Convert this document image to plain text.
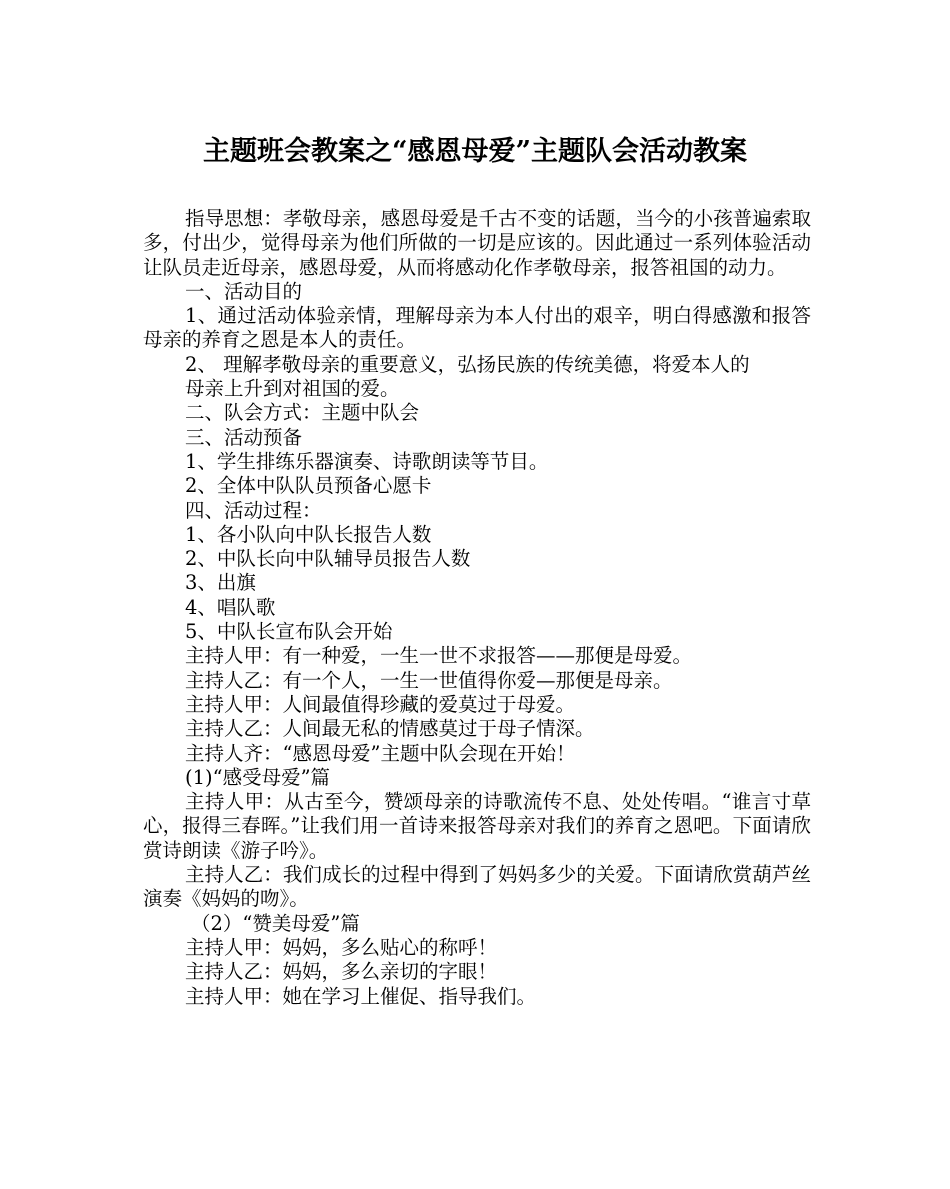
主题班会教案之“感恩母爱”主题队会活动教案

指导思想：孝敬母亲，感恩母爱是千古不变的话题，当今的小孩普遍索取多，付出少，觉得母亲为他们所做的一切是应该的。因此通过一系列体验活动让队员走近母亲，感恩母爱，从而将感动化作孝敬母亲，报答祖国的动力。

一、活动目的

1、通过活动体验亲情，理解母亲为本人付出的艰辛，明白得感激和报答母亲的养育之恩是本人的责任。

2、 理解孝敬母亲的重要意义，弘扬民族的传统美德，将爱本人的

母亲上升到对祖国的爱。

二、队会方式：主题中队会

三、活动预备

1、学生排练乐器演奏、诗歌朗读等节目。

2、全体中队队员预备心愿卡

四、活动过程：

1、各小队向中队长报告人数

2、中队长向中队辅导员报告人数

3、出旗

4、唱队歌

5、中队长宣布队会开始

主持人甲：有一种爱，一生一世不求报答——那便是母爱。

主持人乙：有一个人，一生一世值得你爱—那便是母亲。

主持人甲：人间最值得珍藏的爱莫过于母爱。

主持人乙：人间最无私的情感莫过于母子情深。

主持人齐：“感恩母爱”主题中队会现在开始！

(1)“感受母爱”篇

主持人甲：从古至今，赞颂母亲的诗歌流传不息、处处传唱。“谁言寸草心，报得三春晖。”让我们用一首诗来报答母亲对我们的养育之恩吧。下面请欣赏诗朗读《游子吟》。

主持人乙：我们成长的过程中得到了妈妈多少的关爱。下面请欣赏葫芦丝演奏《妈妈的吻》。

（2）“赞美母爱”篇

主持人甲：妈妈，多么贴心的称呼！

主持人乙：妈妈，多么亲切的字眼！

主持人甲：她在学习上催促、指导我们。
